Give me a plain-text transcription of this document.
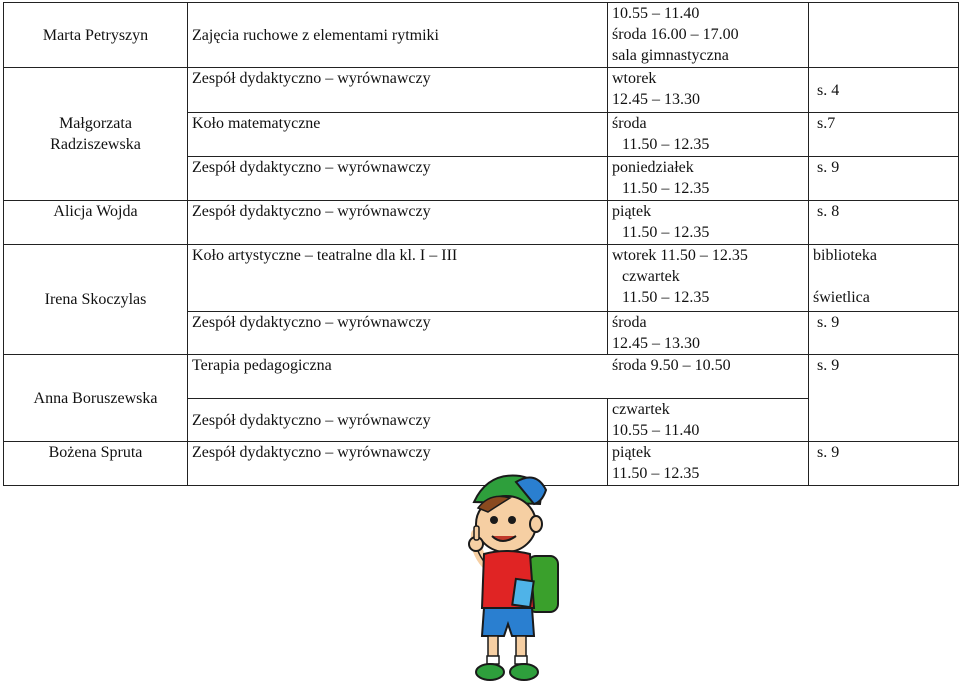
Marta Petryszyn	Zajęcia ruchowe z elementami rytmiki	10.55 – 11.40
środa 16.00 – 17.00
sala gimnastyczna	

Małgorzata
Radziszewska	Zespół dydaktyczno – wyrównawczy	wtorek
12.45 – 13.30	s. 4
	Koło matematyczne	środa
11.50 – 12.35	s.7
	Zespół dydaktyczno – wyrównawczy	poniedziałek
11.50 – 12.35	s. 9
Alicja Wojda	Zespół dydaktyczno – wyrównawczy	piątek
11.50 – 12.35	s. 8
Irena Skoczylas	Koło artystyczne – teatralne dla kl. I – III	wtorek 11.50 – 12.35
czwartek
11.50 – 12.35	biblioteka
świetlica

	Zespół dydaktyczno – wyrównawczy	środa
12.45 – 13.30	s. 9
Anna Boruszewska	Terapia pedagogiczna środa 9.50 – 10.50		s. 9
	Zespół dydaktyczno – wyrównawczy	czwartek
10.55 – 11.40	

Bożena Spruta	Zespół dydaktyczno – wyrównawczy	piątek
11.50 – 12.35	s. 9
